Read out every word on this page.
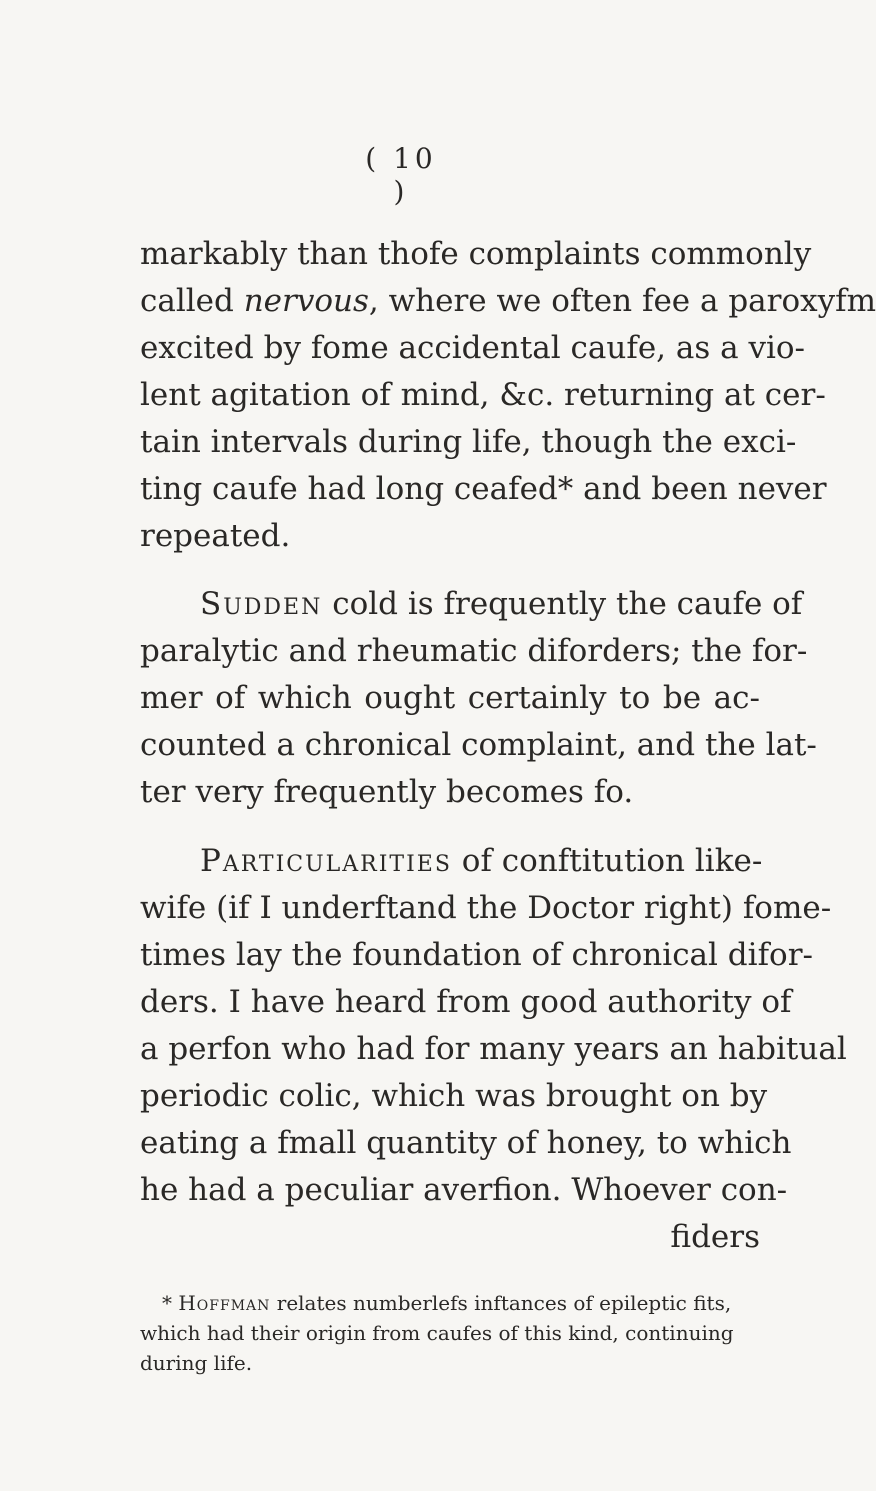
( 10 )
markably than thofe complaints commonly
called nervous, where we often fee a paroxyfm
excited by fome accidental caufe, as a vio-
lent agitation of mind, &c. returning at cer-
tain intervals during life, though the exci-
ting caufe had long ceafed* and been never
repeated.
Sudden cold is frequently the caufe of
paralytic and rheumatic diforders; the for-
mer of which ought certainly to be ac-
counted a chronical complaint, and the lat-
ter very frequently becomes fo.
Particularities of conftitution like-
wife (if I underftand the Doctor right) fome-
times lay the foundation of chronical difor-
ders. I have heard from good authority of
a perfon who had for many years an habitual
periodic colic, which was brought on by
eating a fmall quantity of honey, to which
he had a peculiar averfion. Whoever con-
fiders
* Hoffman relates numberlefs inftances of epileptic fits,
which had their origin from caufes of this kind, continuing
during life.
